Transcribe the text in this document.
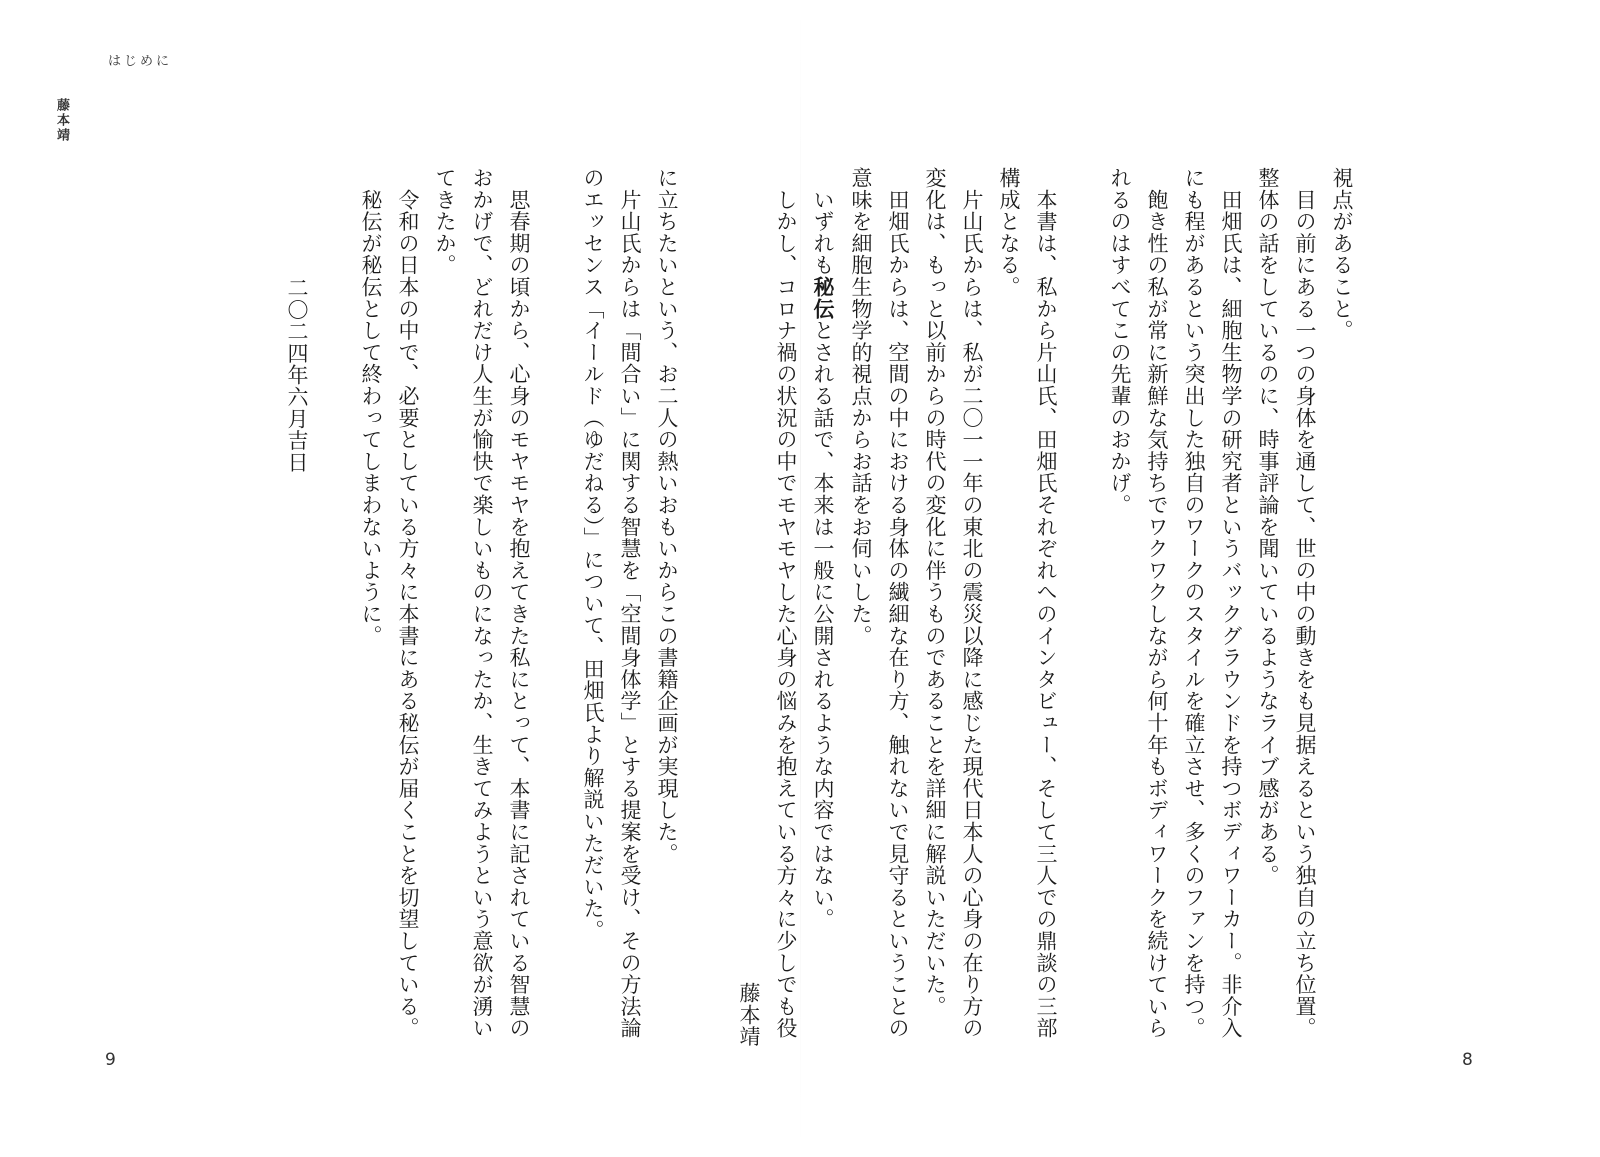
はじめに
藤本靖

視点があること。

　目の前にある一つの身体を通して、世の中の動きをも見据えるという独自の立ち位置。

整体の話をしているのに、時事評論を聞いているようなライブ感がある。

　田畑氏は、細胞生物学の研究者というバックグラウンドを持つボディワーカー。非介入

にも程があるという突出した独自のワークのスタイルを確立させ、多くのファンを持つ。

　飽き性の私が常に新鮮な気持ちでワクワクしながら何十年もボディワークを続けていら

れるのはすべてこの先輩のおかげ。

　本書は、私から片山氏、田畑氏それぞれへのインタビュー、そして三人での鼎談の三部

構成となる。

　片山氏からは、私が二〇一一年の東北の震災以降に感じた現代日本人の心身の在り方の

変化は、もっと以前からの時代の変化に伴うものであることを詳細に解説いただいた。

　田畑氏からは、空間の中における身体の繊細な在り方、触れないで見守るということの

意味を細胞生物学的視点からお話をお伺いした。

　いずれも秘伝とされる話で、本来は一般に公開されるような内容ではない。

　しかし、コロナ禍の状況の中でモヤモヤした心身の悩みを抱えている方々に少しでも役

藤本靖

に立ちたいという、お二人の熱いおもいからこの書籍企画が実現した。

　片山氏からは「間合い」に関する智慧を「空間身体学」とする提案を受け、その方法論

のエッセンス「イールド（ゆだねる）」について、田畑氏より解説いただいた。

　思春期の頃から、心身のモヤモヤを抱えてきた私にとって、本書に記されている智慧の

おかげで、どれだけ人生が愉快で楽しいものになったか、生きてみようという意欲が湧い

てきたか。

　令和の日本の中で、必要としている方々に本書にある秘伝が届くことを切望している。

　秘伝が秘伝として終わってしまわないように。

二〇二四年六月吉日

9	8
